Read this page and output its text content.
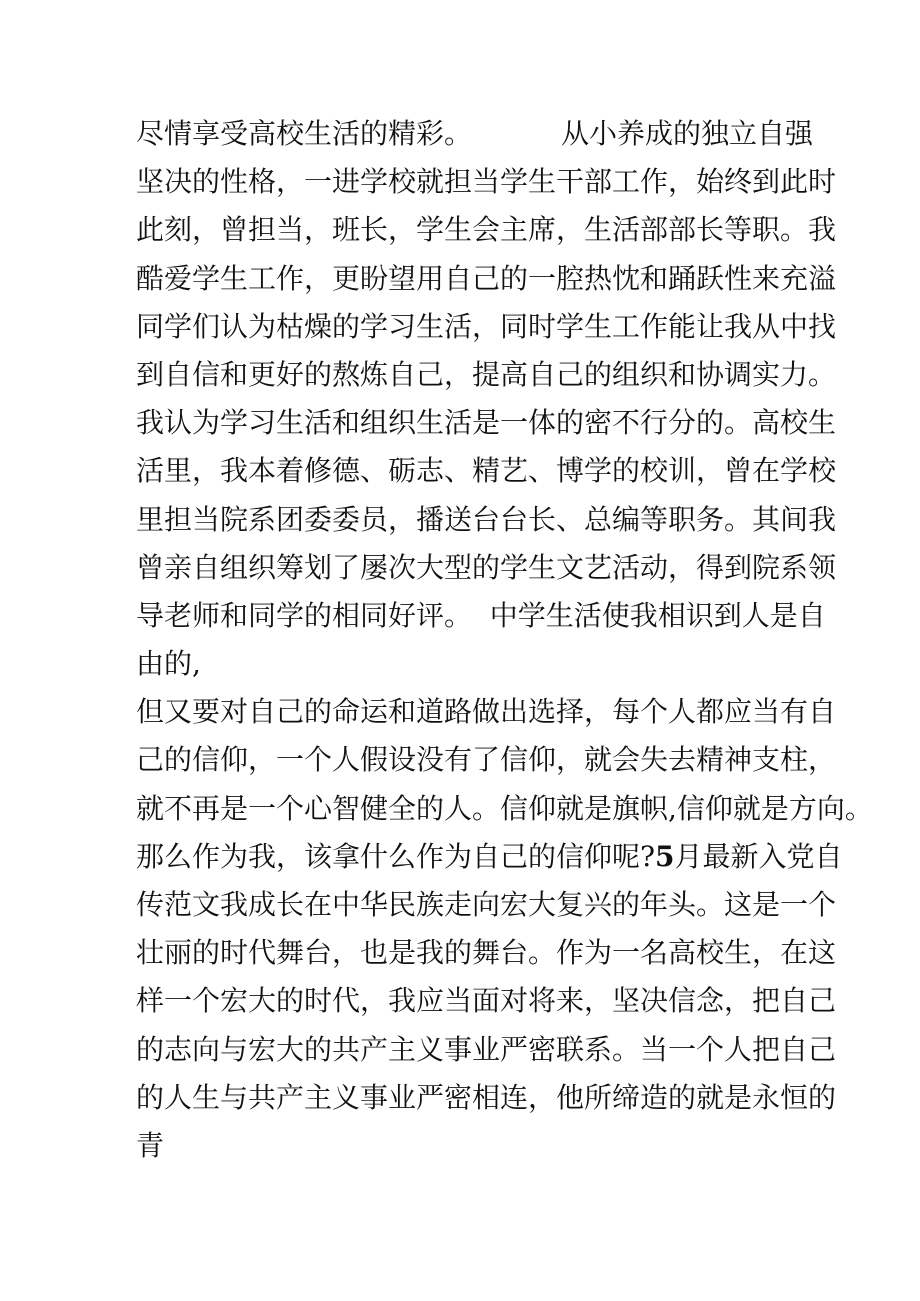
尽情享受高校生活的精彩。          从小养成的独立自强
坚决的性格，一进学校就担当学生干部工作，始终到此时
此刻，曾担当，班长，学生会主席，生活部部长等职。我
酷爱学生工作，更盼望用自己的一腔热忱和踊跃性来充溢
同学们认为枯燥的学习生活，同时学生工作能让我从中找
到自信和更好的熬炼自己，提高自己的组织和协调实力。
我认为学习生活和组织生活是一体的密不行分的。高校生
活里，我本着修德、砺志、精艺、博学的校训，曾在学校
里担当院系团委委员，播送台台长、总编等职务。其间我
曾亲自组织筹划了屡次大型的学生文艺活动，得到院系领
导老师和同学的相同好评。  中学生活使我相识到人是自
由的,
但又要对自己的命运和道路做出选择，每个人都应当有自
己的信仰，一个人假设没有了信仰，就会失去精神支柱，
就不再是一个心智健全的人。信仰就是旗帜,信仰就是方向。
那么作为我，该拿什么作为自己的信仰呢?5月最新入党自
传范文我成长在中华民族走向宏大复兴的年头。这是一个
壮丽的时代舞台，也是我的舞台。作为一名高校生，在这
样一个宏大的时代，我应当面对将来，坚决信念，把自己
的志向与宏大的共产主义事业严密联系。当一个人把自己
的人生与共产主义事业严密相连，他所缔造的就是永恒的
青
